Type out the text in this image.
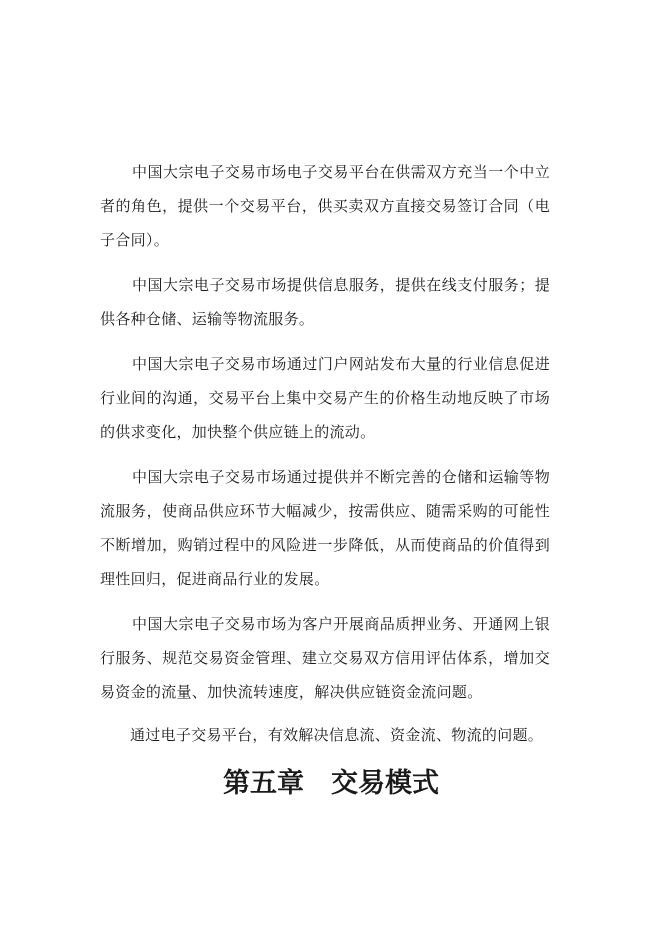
中国大宗电子交易市场电子交易平台在供需双方充当一个中立者的角色，提供一个交易平台，供买卖双方直接交易签订合同（电子合同）。

中国大宗电子交易市场提供信息服务，提供在线支付服务；提供各种仓储、运输等物流服务。

中国大宗电子交易市场通过门户网站发布大量的行业信息促进行业间的沟通，交易平台上集中交易产生的价格生动地反映了市场的供求变化，加快整个供应链上的流动。

中国大宗电子交易市场通过提供并不断完善的仓储和运输等物流服务，使商品供应环节大幅减少，按需供应、随需采购的可能性不断增加，购销过程中的风险进一步降低，从而使商品的价值得到理性回归，促进商品行业的发展。

中国大宗电子交易市场为客户开展商品质押业务、开通网上银行服务、规范交易资金管理、建立交易双方信用评估体系，增加交易资金的流量、加快流转速度，解决供应链资金流问题。

通过电子交易平台，有效解决信息流、资金流、物流的问题。

第五章　交易模式
